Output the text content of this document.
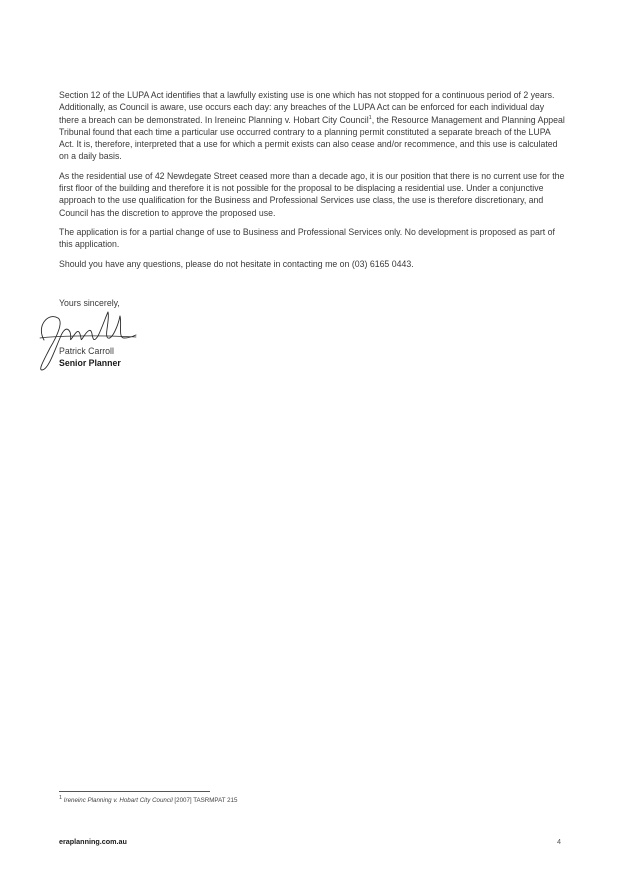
Section 12 of the LUPA Act identifies that a lawfully existing use is one which has not stopped for a continuous period of 2 years. Additionally, as Council is aware, use occurs each day: any breaches of the LUPA Act can be enforced for each individual day there a breach can be demonstrated. In Ireneinc Planning v. Hobart City Council$^1$, the Resource Management and Planning Appeal Tribunal found that each time a particular use occurred contrary to a planning permit constituted a separate breach of the LUPA Act. It is, therefore, interpreted that a use for which a permit exists can also cease and/or recommence, and this use is calculated on a daily basis.

As the residential use of 42 Newdegate Street ceased more than a decade ago, it is our position that there is no current use for the first floor of the building and therefore it is not possible for the proposal to be displacing a residential use. Under a conjunctive approach to the use qualification for the Business and Professional Services use class, the use is therefore discretionary, and Council has the discretion to approve the proposed use.

The application is for a partial change of use to Business and Professional Services only. No development is proposed as part of this application.

Should you have any questions, please do not hesitate in contacting me on (03) 6165 0443.

Yours sincerely,
Patrick Carroll
Senior Planner
1 Ireneinc Planning v. Hobart City Council [2007] TASRMPAT 215
eraplanning.com.au	4
